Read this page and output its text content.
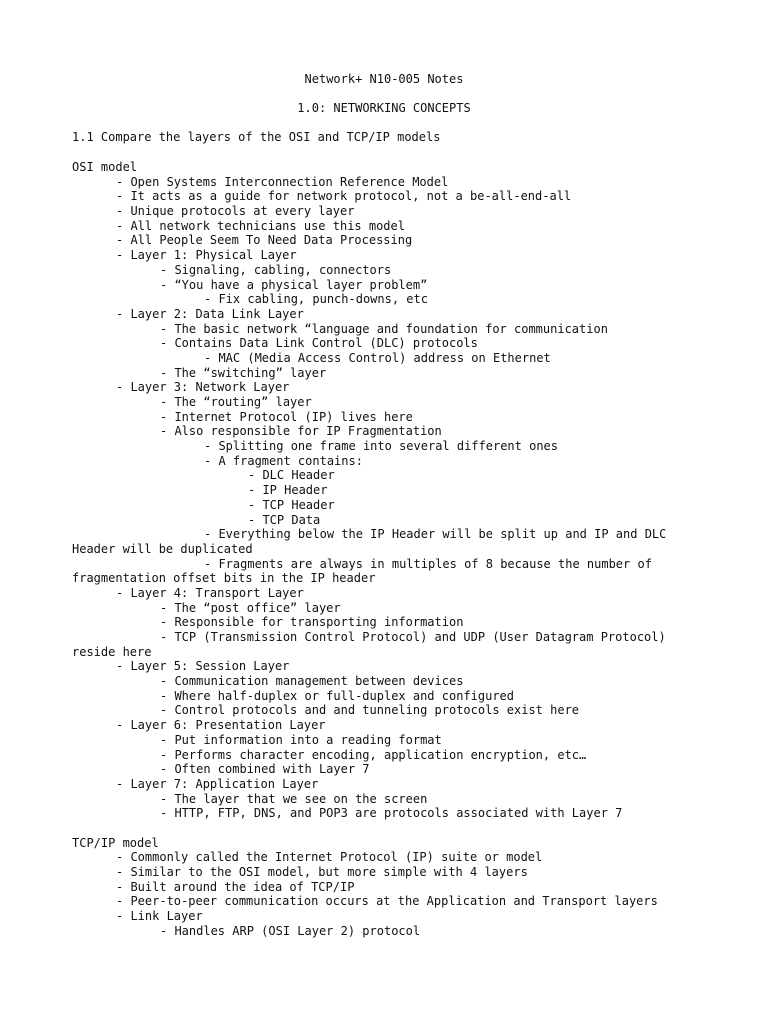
Network+ N10-005 Notes
1.0: NETWORKING CONCEPTS
1.1 Compare the layers of the OSI and TCP/IP models
OSI model
- Open Systems Interconnection Reference Model
- It acts as a guide for network protocol, not a be-all-end-all
- Unique protocols at every layer
- All network technicians use this model
- All People Seem To Need Data Processing
- Layer 1: Physical Layer
- Signaling, cabling, connectors
- “You have a physical layer problem”
- Fix cabling, punch-downs, etc
- Layer 2: Data Link Layer
- The basic network “language and foundation for communication
- Contains Data Link Control (DLC) protocols
- MAC (Media Access Control) address on Ethernet
- The “switching” layer
- Layer 3: Network Layer
- The “routing” layer
- Internet Protocol (IP) lives here
- Also responsible for IP Fragmentation
- Splitting one frame into several different ones
- A fragment contains:
- DLC Header
- IP Header
- TCP Header
- TCP Data
- Everything below the IP Header will be split up and IP and DLC
Header will be duplicated
- Fragments are always in multiples of 8 because the number of
fragmentation offset bits in the IP header
- Layer 4: Transport Layer
- The “post office” layer
- Responsible for transporting information
- TCP (Transmission Control Protocol) and UDP (User Datagram Protocol)
reside here
- Layer 5: Session Layer
- Communication management between devices
- Where half-duplex or full-duplex and configured
- Control protocols and and tunneling protocols exist here
- Layer 6: Presentation Layer
- Put information into a reading format
- Performs character encoding, application encryption, etc…
- Often combined with Layer 7
- Layer 7: Application Layer
- The layer that we see on the screen
- HTTP, FTP, DNS, and POP3 are protocols associated with Layer 7
TCP/IP model
- Commonly called the Internet Protocol (IP) suite or model
- Similar to the OSI model, but more simple with 4 layers
- Built around the idea of TCP/IP
- Peer-to-peer communication occurs at the Application and Transport layers
- Link Layer
- Handles ARP (OSI Layer 2) protocol
